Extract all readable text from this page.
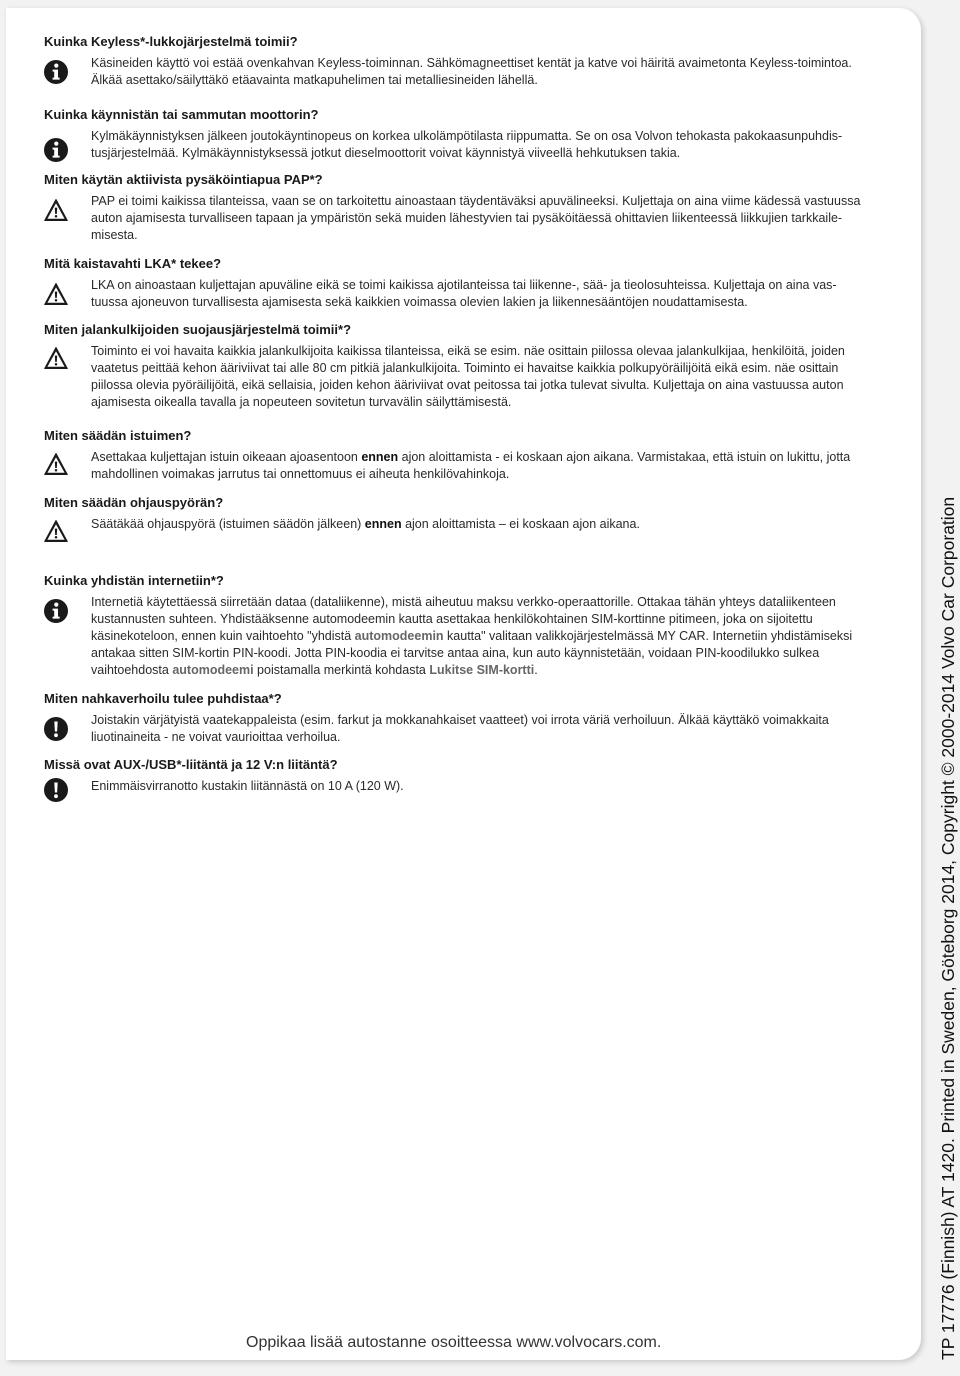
Kuinka Keyless*-lukkojärjestelmä toimii?
Käsineiden käyttö voi estää ovenkahvan Keyless-toiminnan. Sähkömagneettiset kentät ja katve voi häiritä avaimetonta Keyless-toimintoa.
Älkää asettako/säilyttäkö etäavainta matkapuhelimen tai metalliesineiden lähellä.
Kuinka käynnistän tai sammutan moottorin?
Kylmäkäynnistyksen jälkeen joutokäyntinopeus on korkea ulkolämpötilasta riippumatta. Se on osa Volvon tehokasta pakokaasunpuhdis-
tusjärjestelmää. Kylmäkäynnistyksessä jotkut dieselmoottorit voivat käynnistyä viiveellä hehkutuksen takia.
Miten käytän aktiivista pysäköintiapua PAP*?
PAP ei toimi kaikissa tilanteissa, vaan se on tarkoitettu ainoastaan täydentäväksi apuvälineeksi. Kuljettaja on aina viime kädessä vastuussa
auton ajamisesta turvalliseen tapaan ja ympäristön sekä muiden lähestyvien tai pysäköitäessä ohittavien liikenteessä liikkujien tarkkaile-
misesta.
Mitä kaistavahti LKA* tekee?
LKA on ainoastaan kuljettajan apuväline eikä se toimi kaikissa ajotilanteissa tai liikenne-, sää- ja tieolosuhteissa. Kuljettaja on aina vas-
tuussa ajoneuvon turvallisesta ajamisesta sekä kaikkien voimassa olevien lakien ja liikennesääntöjen noudattamisesta.
Miten jalankulkijoiden suojausjärjestelmä toimii*?
Toiminto ei voi havaita kaikkia jalankulkijoita kaikissa tilanteissa, eikä se esim. näe osittain piilossa olevaa jalankulkijaa, henkilöitä, joiden
vaatetus peittää kehon ääriviivat tai alle 80 cm pitkiä jalankulkijoita. Toiminto ei havaitse kaikkia polkupyöräilijöitä eikä esim. näe osittain
piilossa olevia pyöräilijöitä, eikä sellaisia, joiden kehon ääriviivat ovat peitossa tai jotka tulevat sivulta. Kuljettaja on aina vastuussa auton
ajamisesta oikealla tavalla ja nopeuteen sovitetun turvavälin säilyttämisestä.
Miten säädän istuimen?
Asettakaa kuljettajan istuin oikeaan ajoasentoon ennen ajon aloittamista - ei koskaan ajon aikana. Varmistakaa, että istuin on lukittu, jotta
mahdollinen voimakas jarrutus tai onnettomuus ei aiheuta henkilövahinkoja.
Miten säädän ohjauspyörän?
Säätäkää ohjauspyörä (istuimen säädön jälkeen) ennen ajon aloittamista – ei koskaan ajon aikana.
Kuinka yhdistän internetiin*?
Internetiä käytettäessä siirretään dataa (dataliikenne), mistä aiheutuu maksu verkko-operaattorille. Ottakaa tähän yhteys dataliikenteen
kustannusten suhteen. Yhdistääksenne automodeemin kautta asettakaa henkilökohtainen SIM-korttinne pitimeen, joka on sijoitettu
käsinekoteloon, ennen kuin vaihtoehto "yhdistä automodeemin kautta" valitaan valikkojärjestelmässä MY CAR. Internetiin yhdistämiseksi
antakaa sitten SIM-kortin PIN-koodi. Jotta PIN-koodia ei tarvitse antaa aina, kun auto käynnistetään, voidaan PIN-koodilukko sulkea
vaihtoehdosta automodeemi poistamalla merkintä kohdasta Lukitse SIM-kortti.
Miten nahkaverhoilu tulee puhdistaa*?
Joistakin värjätyistä vaatekappaleista (esim. farkut ja mokkanahkaiset vaatteet) voi irrota väriä verhoiluun. Älkää käyttäkö voimakkaita
liuotinaineita - ne voivat vaurioittaa verhoilua.
Missä ovat AUX-/USB*-liitäntä ja 12 V:n liitäntä?
Enimmäisvirranotto kustakin liitännästä on 10 A (120 W).
Oppikaa lisää autostanne osoitteessa www.volvocars.com.	TP 17776 (Finnish) AT 1420. Printed in Sweden, Göteborg 2014, Copyright © 2000-2014 Volvo Car Corporation
